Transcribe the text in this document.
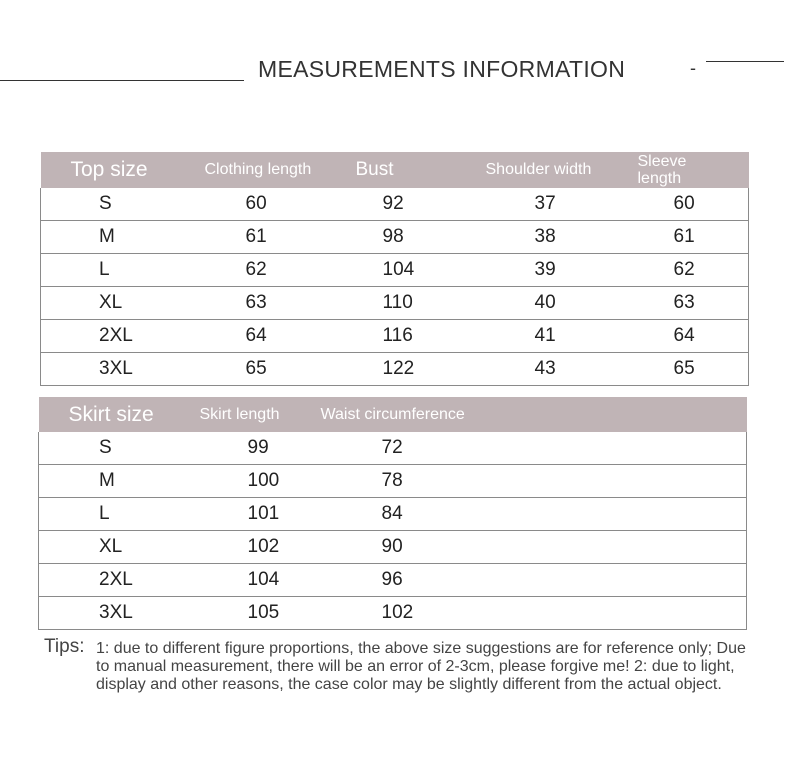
MEASUREMENTS INFORMATION	-
Top size	Clothing length	Bust	Shoulder width	Sleeve length
S	60	92	37	60
M	61	98	38	61
L	62	104	39	62
XL	63	110	40	63
2XL	64	116	41	64
3XL	65	122	43	65
Skirt size	Skirt length	Waist circumference
S	99	72
M	100	78
L	101	84
XL	102	90
2XL	104	96
3XL	105	102
Tips: 1: due to different figure proportions, the above size suggestions are for reference only; Due to manual measurement, there will be an error of 2-3cm, please forgive me! 2: due to light, display and other reasons, the case color may be slightly different from the actual object.
